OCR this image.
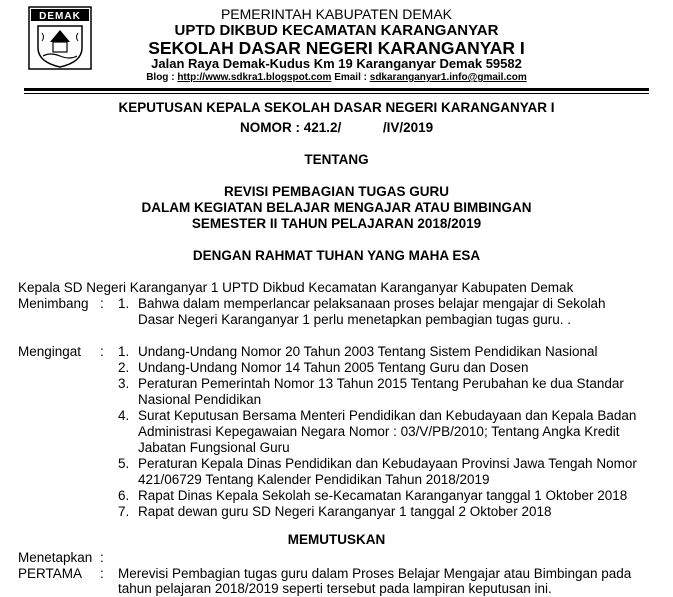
DEMAK	PEMERINTAH KABUPATEN DEMAK
UPTD DIKBUD KECAMATAN KARANGANYAR
SEKOLAH DASAR NEGERI KARANGANYAR I
Jalan Raya Demak-Kudus Km 19 Karanganyar Demak 59582
Blog : http://www.sdkra1.blogspot.com Email : sdkaranganyar1.info@gmail.com
KEPUTUSAN KEPALA SEKOLAH DASAR NEGERI KARANGANYAR I
NOMOR : 421.2/	/IV/2019
TENTANG
REVISI PEMBAGIAN TUGAS GURU
DALAM KEGIATAN BELAJAR MENGAJAR ATAU BIMBINGAN
SEMESTER II TAHUN PELAJARAN 2018/2019
DENGAN RAHMAT TUHAN YANG MAHA ESA
Kepala SD Negeri Karanganyar 1 UPTD Dikbud Kecamatan Karanganyar Kabupaten Demak
Menimbang : 1. Bahwa dalam memperlancar pelaksanaan proses belajar mengajar di Sekolah
Dasar Negeri Karanganyar 1 perlu menetapkan pembagian tugas guru. .
Mengingat : 1. Undang-Undang Nomor 20 Tahun 2003 Tentang Sistem Pendidikan Nasional
2. Undang-Undang Nomor 14 Tahun 2005 Tentang Guru dan Dosen
3. Peraturan Pemerintah Nomor 13 Tahun 2015 Tentang Perubahan ke dua Standar
Nasional Pendidikan
4. Surat Keputusan Bersama Menteri Pendidikan dan Kebudayaan dan Kepala Badan
Administrasi Kepegawaian Negara Nomor : 03/V/PB/2010; Tentang Angka Kredit
Jabatan Fungsional Guru
5. Peraturan Kepala Dinas Pendidikan dan Kebudayaan Provinsi Jawa Tengah Nomor
421/06729 Tentang Kalender Pendidikan Tahun 2018/2019
6. Rapat Dinas Kepala Sekolah se-Kecamatan Karanganyar tanggal 1 Oktober 2018
7. Rapat dewan guru SD Negeri Karanganyar 1 tanggal 2 Oktober 2018
MEMUTUSKAN
Menetapkan :
PERTAMA : Merevisi Pembagian tugas guru dalam Proses Belajar Mengajar atau Bimbingan pada
tahun pelajaran 2018/2019 seperti tersebut pada lampiran keputusan ini.
